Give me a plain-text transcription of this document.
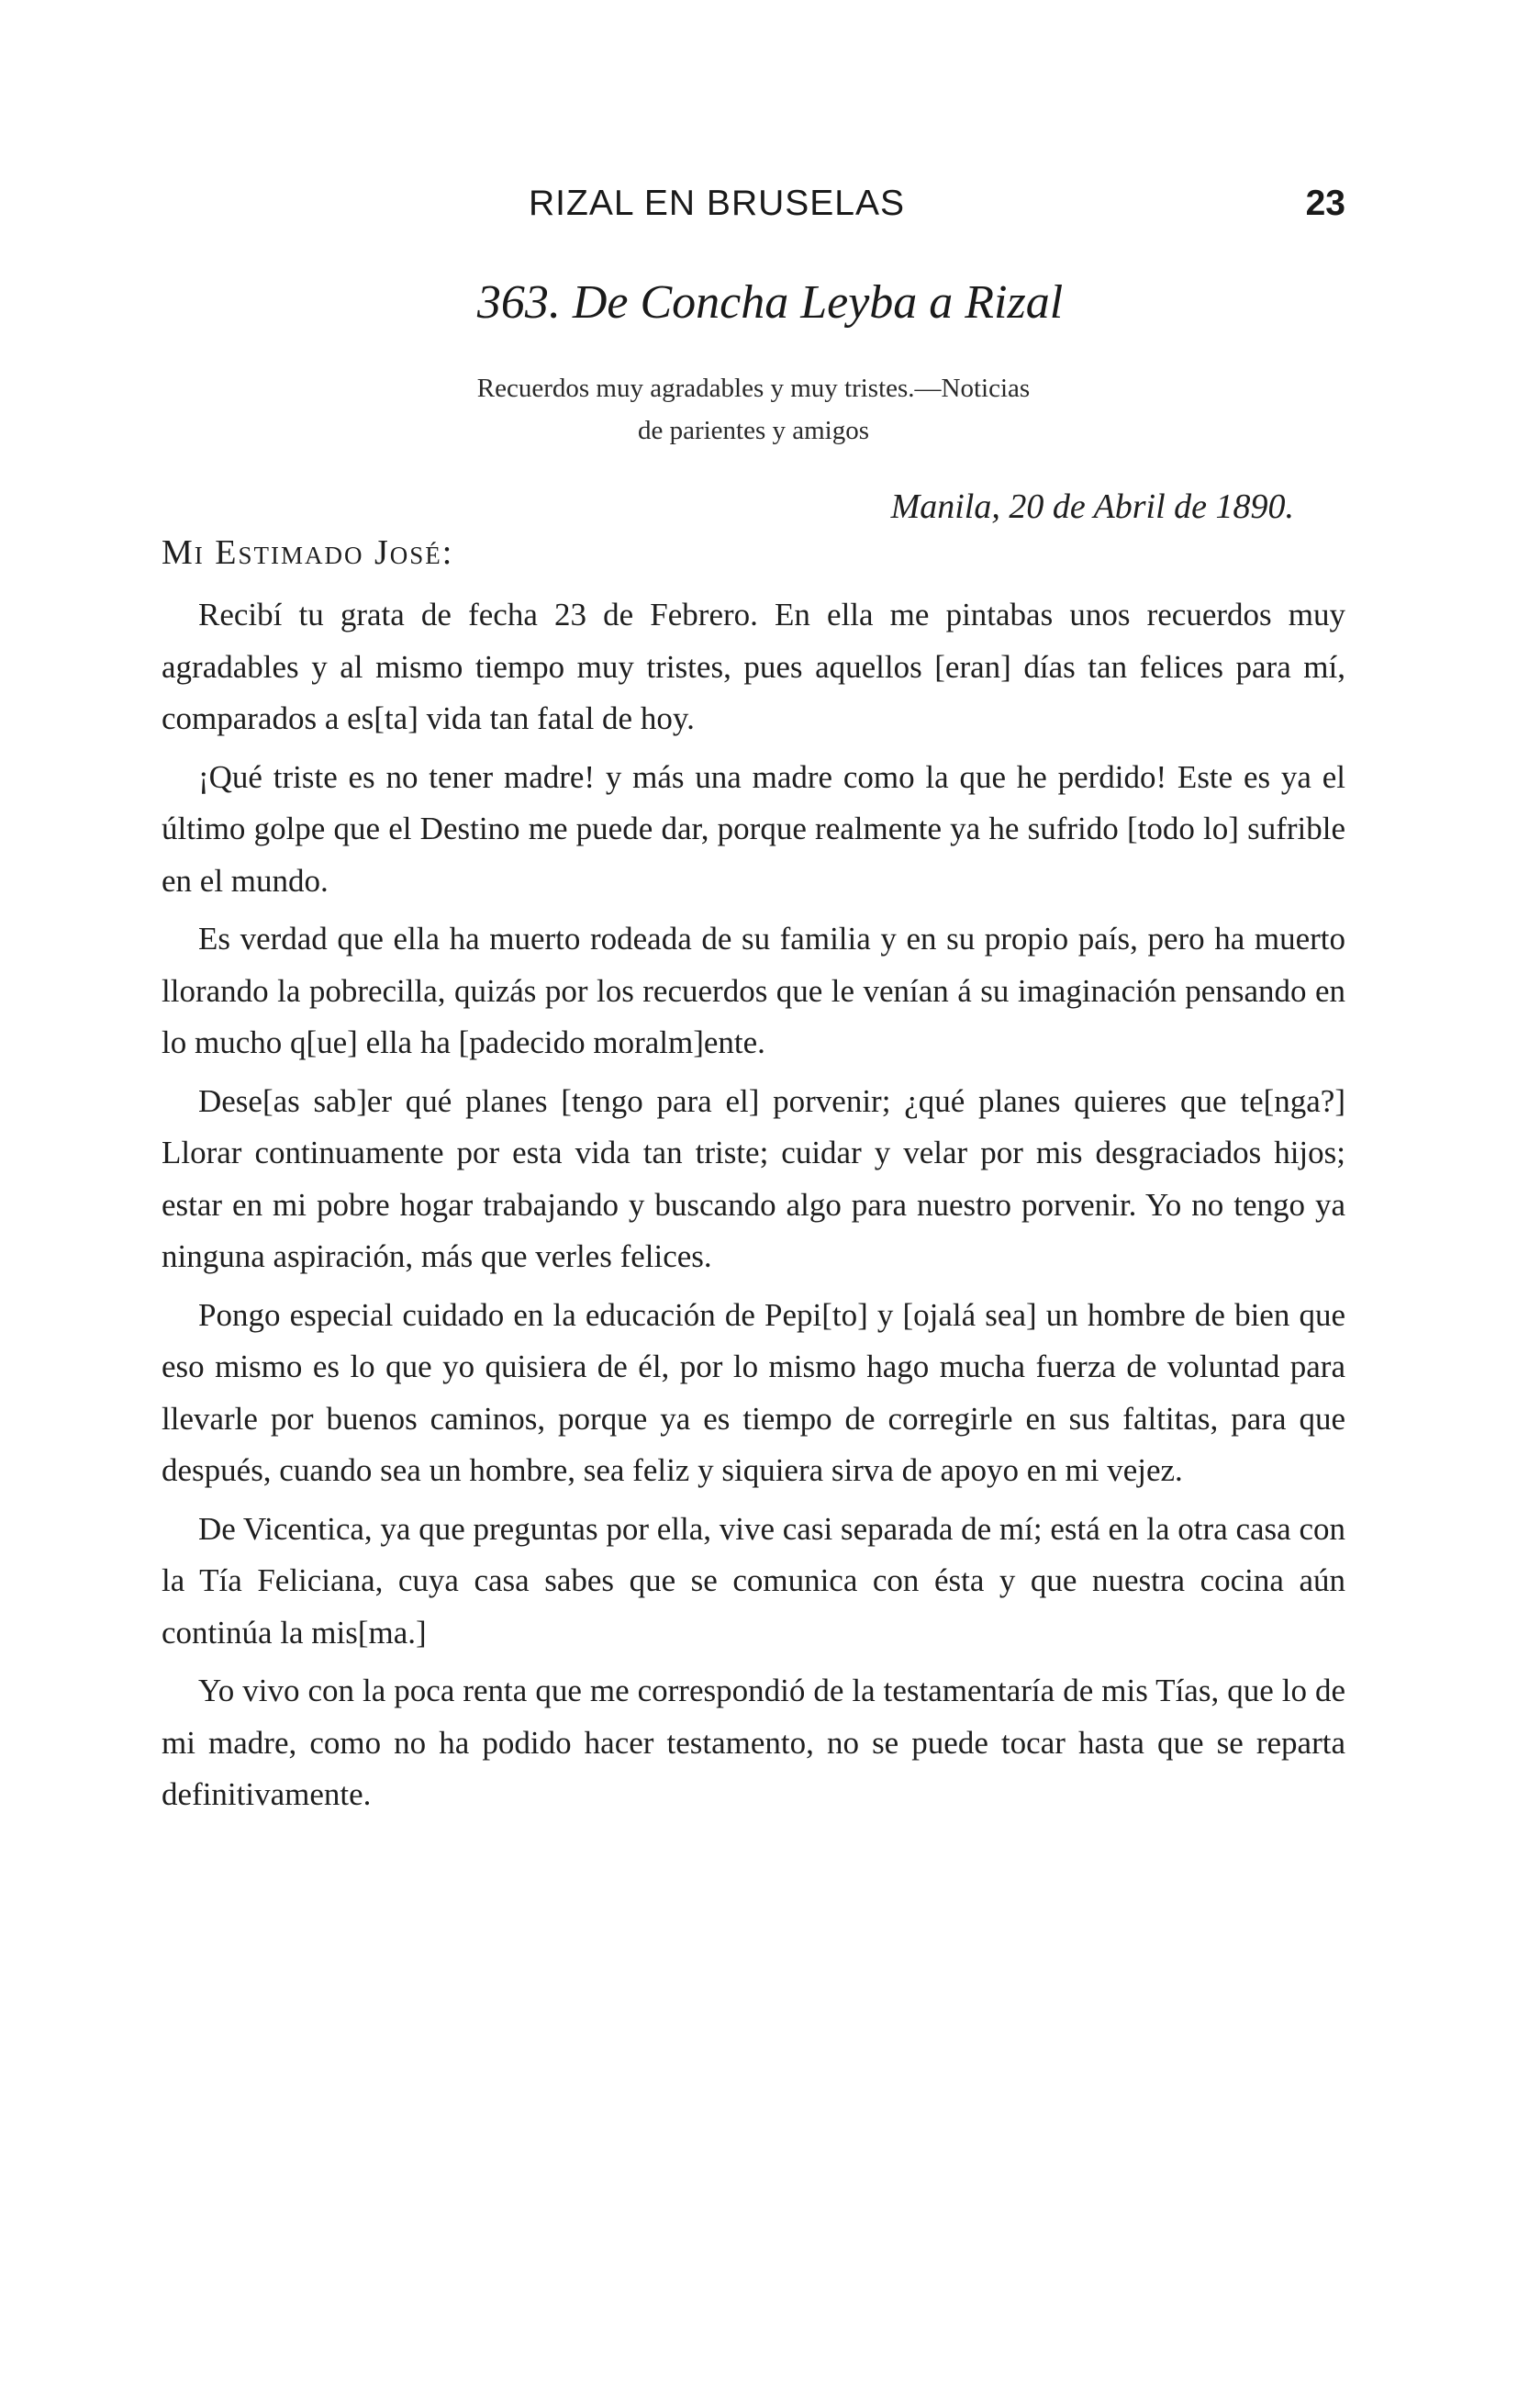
RIZAL EN BRUSELAS	23
363. De Concha Leyba a Rizal
Recuerdos muy agradables y muy tristes.—Noticias
de parientes y amigos
Manila, 20 de Abril de 1890.
Mi Estimado José:

Recibí tu grata de fecha 23 de Febrero. En ella me pintabas unos recuerdos muy agradables y al mismo tiempo muy tristes, pues aquellos [eran] días tan felices para mí, comparados a es[ta] vida tan fatal de hoy.

¡Qué triste es no tener madre! y más una madre como la que he perdido! Este es ya el último golpe que el Destino me puede dar, porque realmente ya he sufrido [todo lo] sufrible en el mundo.

Es verdad que ella ha muerto rodeada de su familia y en su propio país, pero ha muerto llorando la pobrecilla, quizás por los recuerdos que le venían á su imaginación pensando en lo mucho q[ue] ella ha [padecido moralm]ente.

Dese[as sab]er qué planes [tengo para el] porvenir; ¿qué planes quieres que te[nga?] Llorar continuamente por esta vida tan triste; cuidar y velar por mis desgraciados hijos; estar en mi pobre hogar trabajando y buscando algo para nuestro porvenir. Yo no tengo ya ninguna aspiración, más que verles felices.

Pongo especial cuidado en la educación de Pepi[to] y [ojalá sea] un hombre de bien que eso mismo es lo que yo quisiera de él, por lo mismo hago mucha fuerza de voluntad para llevarle por buenos caminos, porque ya es tiempo de corregirle en sus faltitas, para que después, cuando sea un hombre, sea feliz y siquiera sirva de apoyo en mi vejez.

De Vicentica, ya que preguntas por ella, vive casi separada de mí; está en la otra casa con la Tía Feliciana, cuya casa sabes que se comunica con ésta y que nuestra cocina aún continúa la mis[ma.]

Yo vivo con la poca renta que me correspondió de la testamentaría de mis Tías, que lo de mi madre, como no ha podido hacer testamento, no se puede tocar hasta que se reparta definitivamente.
